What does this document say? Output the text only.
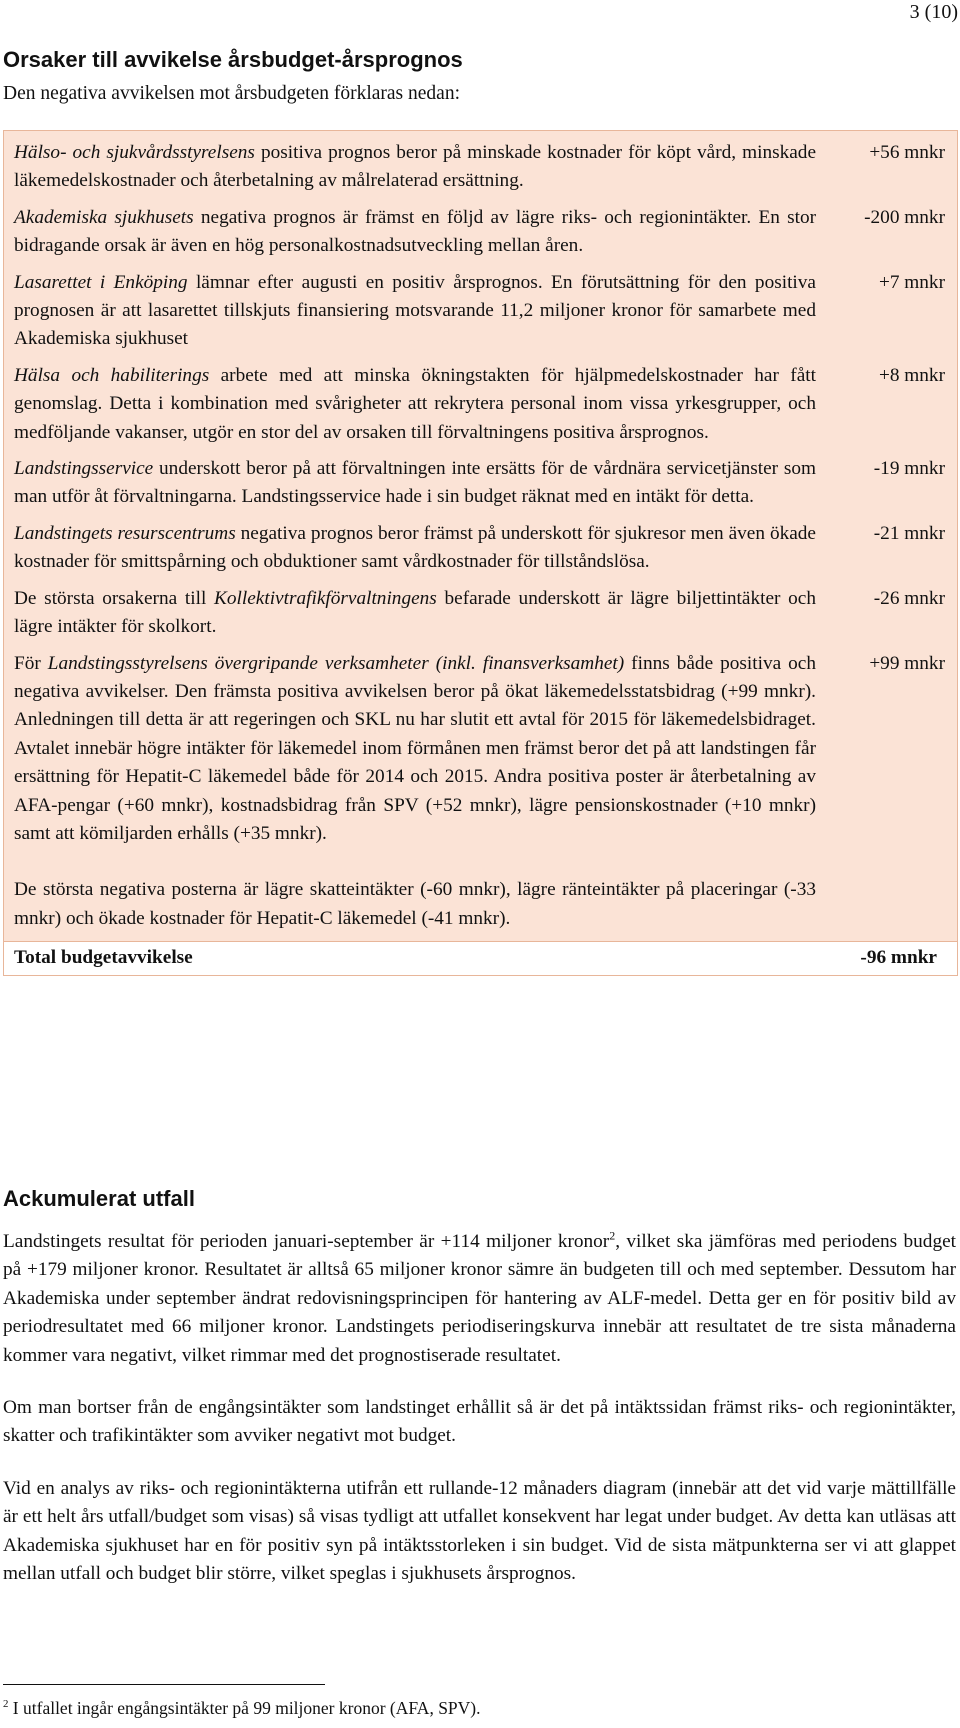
3 (10)
Orsaker till avvikelse årsbudget-årsprognos

Den negativa avvikelsen mot årsbudgeten förklaras nedan:

Hälso- och sjukvårdsstyrelsens positiva prognos beror på minskade kostnader för köpt vård, minskade läkemedelskostnader och återbetalning av målrelaterad ersättning.

+56 mnkr

Akademiska sjukhusets negativa prognos är främst en följd av lägre riks- och regionintäkter. En stor bidragande orsak är även en hög personalkostnadsutveckling mellan åren.

-200 mnkr

Lasarettet i Enköping lämnar efter augusti en positiv årsprognos. En förutsättning för den positiva prognosen är att lasarettet tillskjuts finansiering motsvarande 11,2 miljoner kronor för samarbete med Akademiska sjukhuset

+7 mnkr

Hälsa och habiliterings arbete med att minska ökningstakten för hjälpmedelskostnader har fått genomslag. Detta i kombination med svårigheter att rekrytera personal inom vissa yrkesgrupper, och medföljande vakanser, utgör en stor del av orsaken till förvaltningens positiva årsprognos.

+8 mnkr

Landstingsservice underskott beror på att förvaltningen inte ersätts för de vårdnära servicetjänster som man utför åt förvaltningarna. Landstingsservice hade i sin budget räknat med en intäkt för detta.

-19 mnkr

Landstingets resurscentrums negativa prognos beror främst på underskott för sjukresor men även ökade kostnader för smittspårning och obduktioner samt vårdkostnader för tillståndslösa.

-21 mnkr

De största orsakerna till Kollektivtrafikförvaltningens befarade underskott är lägre biljettintäkter och lägre intäkter för skolkort.

-26 mnkr

För Landstingsstyrelsens övergripande verksamheter (inkl. finansverksamhet) finns både positiva och negativa avvikelser. Den främsta positiva avvikelsen beror på ökat läkemedelsstatsbidrag (+99 mnkr). Anledningen till detta är att regeringen och SKL nu har slutit ett avtal för 2015 för läkemedelsbidraget. Avtalet innebär högre intäkter för läkemedel inom förmånen men främst beror det på att landstingen får ersättning för Hepatit-C läkemedel både för 2014 och 2015. Andra positiva poster är återbetalning av AFA-pengar (+60 mnkr), kostnadsbidrag från SPV (+52 mnkr), lägre pensionskostnader (+10 mnkr) samt att kömiljarden erhålls (+35 mnkr).

De största negativa posterna är lägre skatteintäkter (-60 mnkr), lägre ränteintäkter på placeringar (-33 mnkr) och ökade kostnader för Hepatit-C läkemedel (-41 mnkr).

+99 mnkr
Total budgetavvikelse	-96 mnkr
Ackumulerat utfall

Landstingets resultat för perioden januari-september är +114 miljoner kronor$^2$, vilket ska jämföras med periodens budget på +179 miljoner kronor. Resultatet är alltså 65 miljoner kronor sämre än budgeten till och med september. Dessutom har Akademiska under september ändrat redovisningsprincipen för hantering av ALF-medel. Detta ger en för positiv bild av periodresultatet med 66 miljoner kronor. Landstingets periodiseringskurva innebär att resultatet de tre sista månaderna kommer vara negativt, vilket rimmar med det prognostiserade resultatet.

Om man bortser från de engångsintäkter som landstinget erhållit så är det på intäktssidan främst riks- och regionintäkter, skatter och trafikintäkter som avviker negativt mot budget.

Vid en analys av riks- och regionintäkterna utifrån ett rullande-12 månaders diagram (innebär att det vid varje mättillfälle är ett helt års utfall/budget som visas) så visas tydligt att utfallet konsekvent har legat under budget. Av detta kan utläsas att Akademiska sjukhuset har en för positiv syn på intäktsstorleken i sin budget. Vid de sista mätpunkterna ser vi att glappet mellan utfall och budget blir större, vilket speglas i sjukhusets årsprognos.

$^2$ I utfallet ingår engångsintäkter på 99 miljoner kronor (AFA, SPV).
